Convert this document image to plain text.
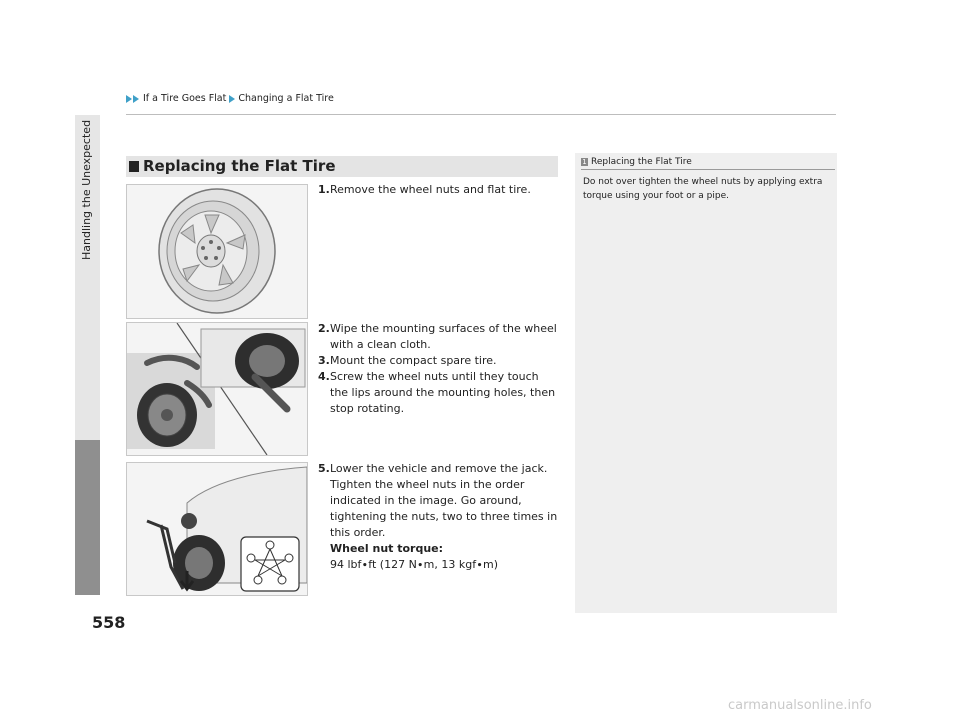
If a Tire Goes Flat Changing a Flat Tire
Handling the Unexpected
558
Replacing the Flat Tire
1. Remove the wheel nuts and flat tire.
2. Wipe the mounting surfaces of the wheel with a clean cloth.
3. Mount the compact spare tire.
4. Screw the wheel nuts until they touch the lips around the mounting holes, then stop rotating.
5. Lower the vehicle and remove the jack. Tighten the wheel nuts in the order indicated in the image. Go around, tightening the nuts, two to three times in this order.
Wheel nut torque:
94 lbf∙ft (127 N∙m, 13 kgf∙m)
1 Replacing the Flat Tire
Do not over tighten the wheel nuts by applying extra torque using your foot or a pipe.
carmanualsonline.info
